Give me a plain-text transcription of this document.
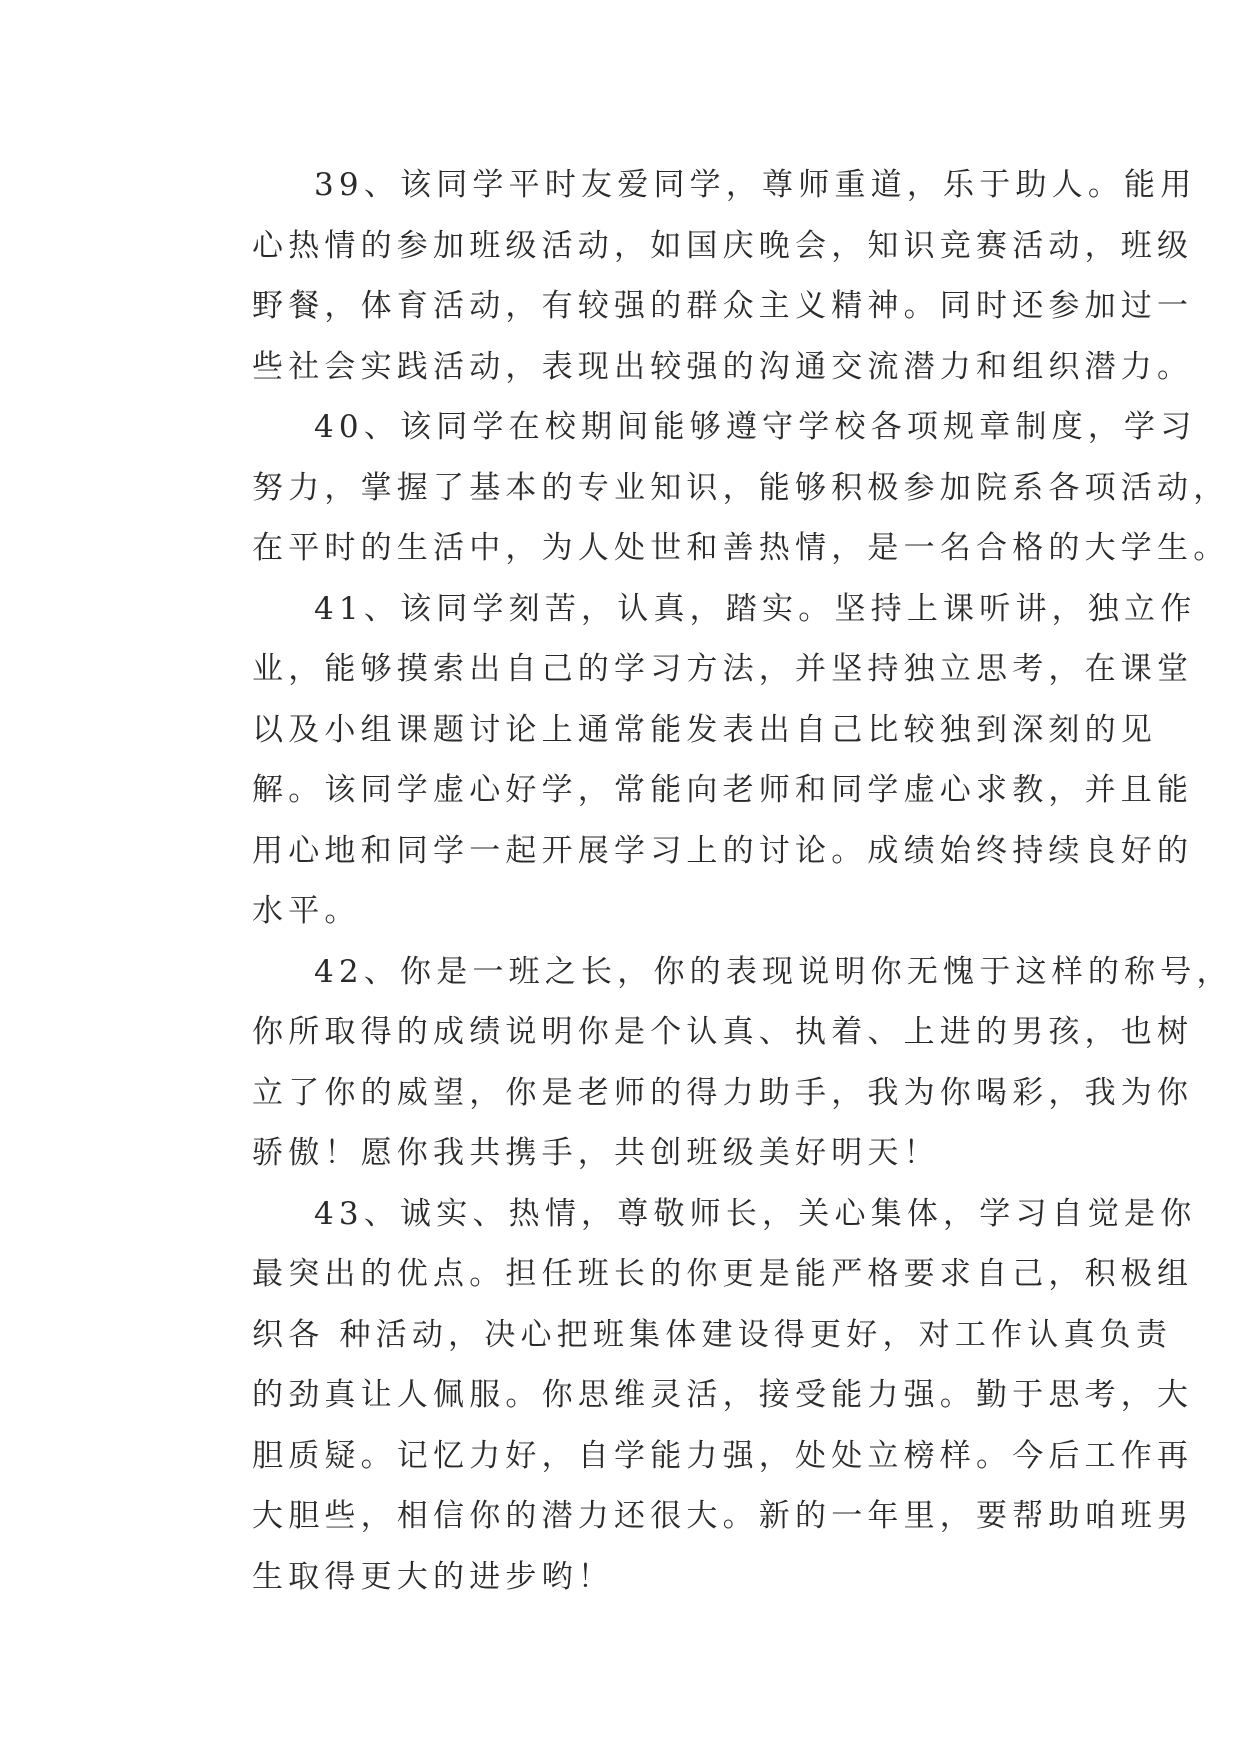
39、该同学平时友爱同学，尊师重道，乐于助人。能用
心热情的参加班级活动，如国庆晚会，知识竞赛活动，班级
野餐，体育活动，有较强的群众主义精神。同时还参加过一
些社会实践活动，表现出较强的沟通交流潜力和组织潜力。
40、该同学在校期间能够遵守学校各项规章制度，学习
努力，掌握了基本的专业知识，能够积极参加院系各项活动，
在平时的生活中，为人处世和善热情，是一名合格的大学生。
41、该同学刻苦，认真，踏实。坚持上课听讲，独立作
业，能够摸索出自己的学习方法，并坚持独立思考，在课堂
以及小组课题讨论上通常能发表出自己比较独到深刻的见
解。该同学虚心好学，常能向老师和同学虚心求教，并且能
用心地和同学一起开展学习上的讨论。成绩始终持续良好的
水平。
42、你是一班之长，你的表现说明你无愧于这样的称号，
你所取得的成绩说明你是个认真、执着、上进的男孩，也树
立了你的威望，你是老师的得力助手，我为你喝彩，我为你
骄傲！愿你我共携手，共创班级美好明天！
43、诚实、热情，尊敬师长，关心集体，学习自觉是你
最突出的优点。担任班长的你更是能严格要求自己，积极组
织各 种活动，决心把班集体建设得更好，对工作认真负责
的劲真让人佩服。你思维灵活，接受能力强。勤于思考，大
胆质疑。记忆力好，自学能力强，处处立榜样。今后工作再
大胆些，相信你的潜力还很大。新的一年里，要帮助咱班男
生取得更大的进步哟！
